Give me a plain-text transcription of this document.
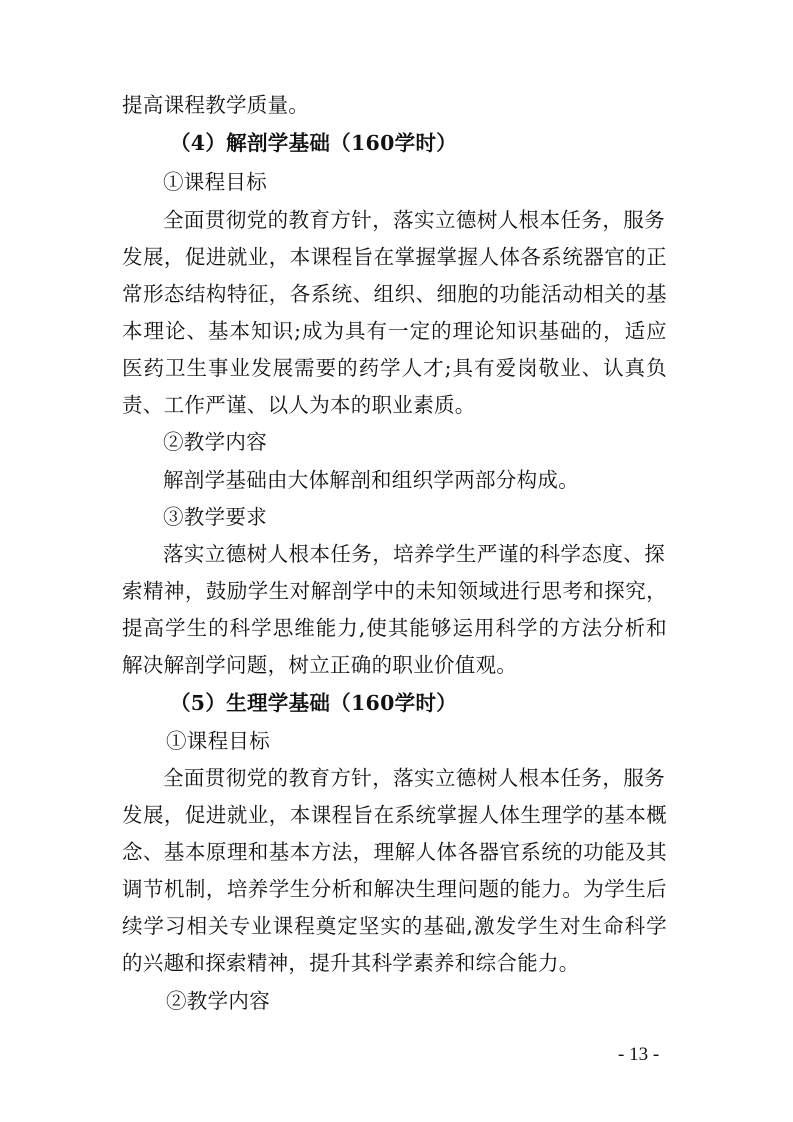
提高课程教学质量。
（4）解剖学基础（160学时）
①课程目标
全面贯彻党的教育方针，落实立德树人根本任务，服务
发展，促进就业，本课程旨在掌握掌握人体各系统器官的正
常形态结构特征，各系统、组织、细胞的功能活动相关的基
本理论、基本知识;成为具有一定的理论知识基础的，适应
医药卫生事业发展需要的药学人才;具有爱岗敬业、认真负
责、工作严谨、以人为本的职业素质。
②教学内容
解剖学基础由大体解剖和组织学两部分构成。
③教学要求
落实立德树人根本任务，培养学生严谨的科学态度、探
索精神，鼓励学生对解剖学中的未知领域进行思考和探究，
提高学生的科学思维能力,使其能够运用科学的方法分析和
解决解剖学问题，树立正确的职业价值观。
（5）生理学基础（160学时）
①课程目标
全面贯彻党的教育方针，落实立德树人根本任务，服务
发展，促进就业，本课程旨在系统掌握人体生理学的基本概
念、基本原理和基本方法，理解人体各器官系统的功能及其
调节机制，培养学生分析和解决生理问题的能力。为学生后
续学习相关专业课程奠定坚实的基础,激发学生对生命科学
的兴趣和探索精神，提升其科学素养和综合能力。
②教学内容
- 13 -
